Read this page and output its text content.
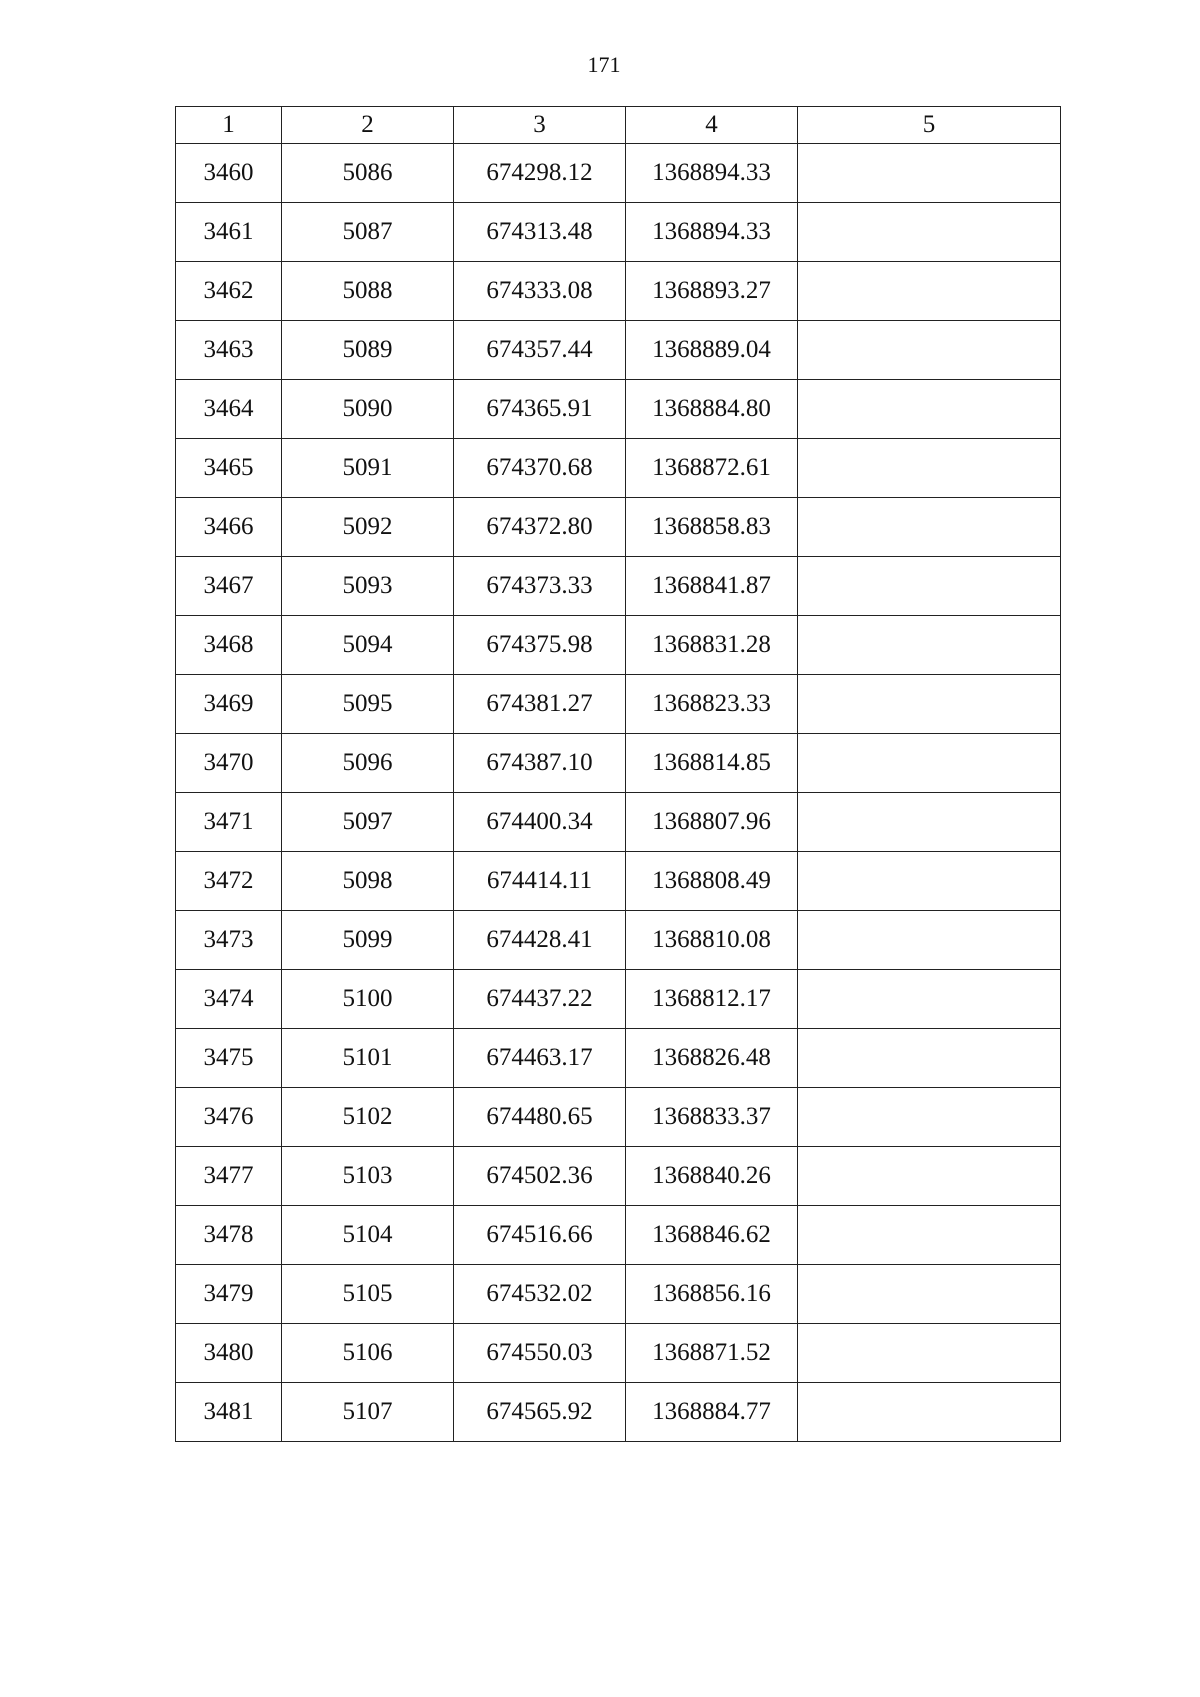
171
1	2	3	4	5
3460	5086	674298.12	1368894.33	
3461	5087	674313.48	1368894.33	
3462	5088	674333.08	1368893.27	
3463	5089	674357.44	1368889.04	
3464	5090	674365.91	1368884.80	
3465	5091	674370.68	1368872.61	
3466	5092	674372.80	1368858.83	
3467	5093	674373.33	1368841.87	
3468	5094	674375.98	1368831.28	
3469	5095	674381.27	1368823.33	
3470	5096	674387.10	1368814.85	
3471	5097	674400.34	1368807.96	
3472	5098	674414.11	1368808.49	
3473	5099	674428.41	1368810.08	
3474	5100	674437.22	1368812.17	
3475	5101	674463.17	1368826.48	
3476	5102	674480.65	1368833.37	
3477	5103	674502.36	1368840.26	
3478	5104	674516.66	1368846.62	
3479	5105	674532.02	1368856.16	
3480	5106	674550.03	1368871.52	
3481	5107	674565.92	1368884.77	
